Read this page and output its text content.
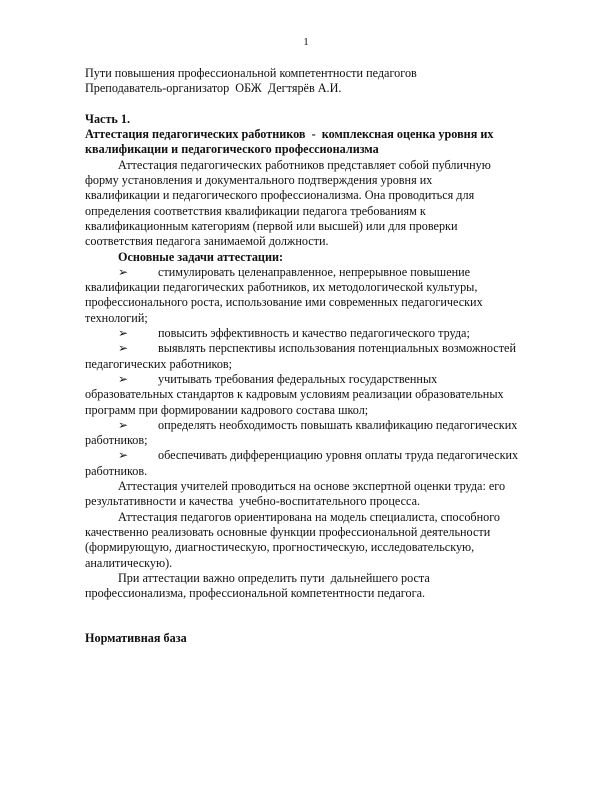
1
Пути повышения профессиональной компетентности педагогов
Преподаватель-организатор  ОБЖ  Дегтярёв А.И.
Часть 1.
Аттестация педагогических работников  -  комплексная оценка уровня их
квалификации и педагогического профессионализма
Аттестация педагогических работников представляет собой публичную
форму установления и документального подтверждения уровня их
квалификации и педагогического профессионализма. Она проводиться для
определения соответствия квалификации педагога требованиям к
квалификационным категориям (первой или высшей) или для проверки
соответствия педагога занимаемой должности.
Основные задачи аттестации:
➢ стимулировать целенаправленное, непрерывное повышение
квалификации педагогических работников, их методологической культуры,
профессионального роста, использование ими современных педагогических
технологий;
➢ повысить эффективность и качество педагогического труда;
➢ выявлять перспективы использования потенциальных возможностей
педагогических работников;
➢ учитывать требования федеральных государственных
образовательных стандартов к кадровым условиям реализации образовательных
программ при формировании кадрового состава школ;
➢ определять необходимость повышать квалификацию педагогических
работников;
➢ обеспечивать дифференциацию уровня оплаты труда педагогических
работников.
Аттестация учителей проводиться на основе экспертной оценки труда: его
результативности и качества  учебно-воспитательного процесса.
Аттестация педагогов ориентирована на модель специалиста, способного
качественно реализовать основные функции профессиональной деятельности
(формирующую, диагностическую, прогностическую, исследовательскую,
аналитическую).
При аттестации важно определить пути  дальнейшего роста
профессионализма, профессиональной компетентности педагога.
Нормативная база
